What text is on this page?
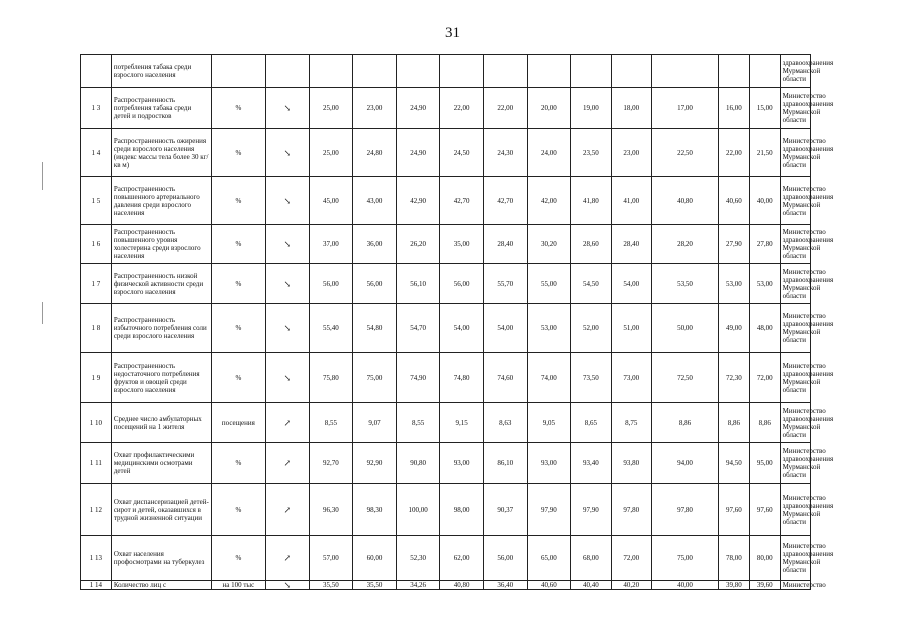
31
	потребления табака среди взрослого населения														здравоохранения Мурманской области
1 3	Распространенность потребления табака среди детей и подростков	%	↘	25,00	23,00	24,90	22,00	22,00	20,00	19,00	18,00	17,00	16,00	15,00	Министерство здравоохранения Мурманской области
1 4	Распространенность ожирения среди взрослого населения (индекс массы тела более 30 кг/кв м)	%	↘	25,00	24,80	24,90	24,50	24,30	24,00	23,50	23,00	22,50	22,00	21,50	Министерство здравоохранения Мурманской области
1 5	Распространенность повышенного артериального давления среди взрослого населения	%	↘	45,00	43,00	42,90	42,70	42,70	42,00	41,80	41,00	40,80	40,60	40,00	Министерство здравоохранения Мурманской области
1 6	Распространенность повышенного уровня холестерина среди взрослого населения	%	↘	37,00	36,00	26,20	35,00	28,40	30,20	28,60	28,40	28,20	27,90	27,80	Министерство здравоохранения Мурманской области
1 7	Распространенность низкой физической активности среди взрослого населения	%	↘	56,00	56,00	56,10	56,00	55,70	55,00	54,50	54,00	53,50	53,00	53,00	Министерство здравоохранения Мурманской области
1 8	Распространенность избыточного потребления соли среди взрослого населения	%	↘	55,40	54,80	54,70	54,00	54,00	53,00	52,00	51,00	50,00	49,00	48,00	Министерство здравоохранения Мурманской области
1 9	Распространенность недостаточного потребления фруктов и овощей среди взрослого населения	%	↘	75,80	75,00	74,90	74,80	74,60	74,00	73,50	73,00	72,50	72,30	72,00	Министерство здравоохранения Мурманской области
1 10	Среднее число амбулаторных посещений на 1 жителя	посещения	↗	8,55	9,07	8,55	9,15	8,63	9,05	8,65	8,75	8,86	8,86	8,86	Министерство здравоохранения Мурманской области
1 11	Охват профилактическими медицинскими осмотрами детей	%	↗	92,70	92,90	90,80	93,00	86,10	93,00	93,40	93,80	94,00	94,50	95,00	Министерство здравоохранения Мурманской области
1 12	Охват диспансеризацией детей-сирот и детей, оказавшихся в трудной жизненной ситуации	%	↗	96,30	98,30	100,00	98,00	90,37	97,90	97,90	97,80	97,80	97,60	97,60	Министерство здравоохранения Мурманской области
1 13	Охват населения профосмотрами на туберкулез	%	↗	57,00	60,00	52,30	62,00	56,00	65,00	68,00	72,00	75,00	78,00	80,00	Министерство здравоохранения Мурманской области
1 14	Количество лиц с	на 100 тыс	↘	35,50	35,50	34,26	40,80	36,40	40,60	40,40	40,20	40,00	39,80	39,60	Министерство
